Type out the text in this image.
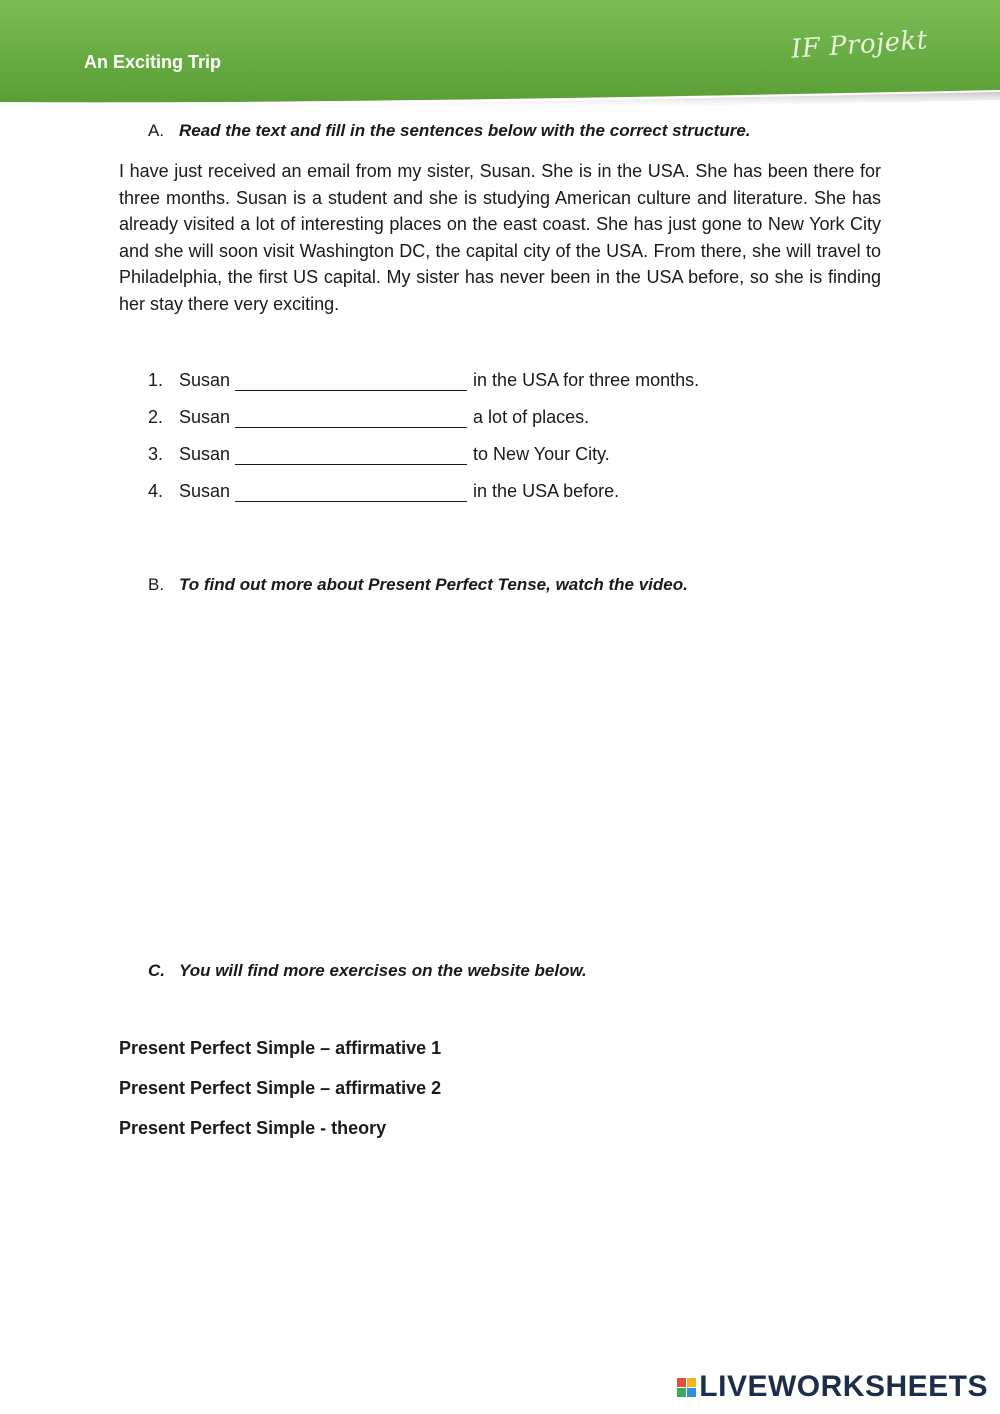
An Exciting Trip	IF Projekt
A. Read the text and fill in the sentences below with the correct structure.
I have just received an email from my sister, Susan. She is in the USA. She has been there for three months. Susan is a student and she is studying American culture and literature. She has already visited a lot of interesting places on the east coast. She has just gone to New York City and she will soon visit Washington DC, the capital city of the USA. From there, she will travel to Philadelphia, the first US capital. My sister has never been in the USA before, so she is finding her stay there very exciting.
1. Susan	in the USA for three months.
2. Susan	a lot of places.
3. Susan	to New Your City.
4. Susan	in the USA before.
B. To find out more about Present Perfect Tense, watch the video.
C. You will find more exercises on the website below.
Present Perfect Simple – affirmative 1
Present Perfect Simple – affirmative 2
Present Perfect Simple - theory
LIVEWORKSHEETS
